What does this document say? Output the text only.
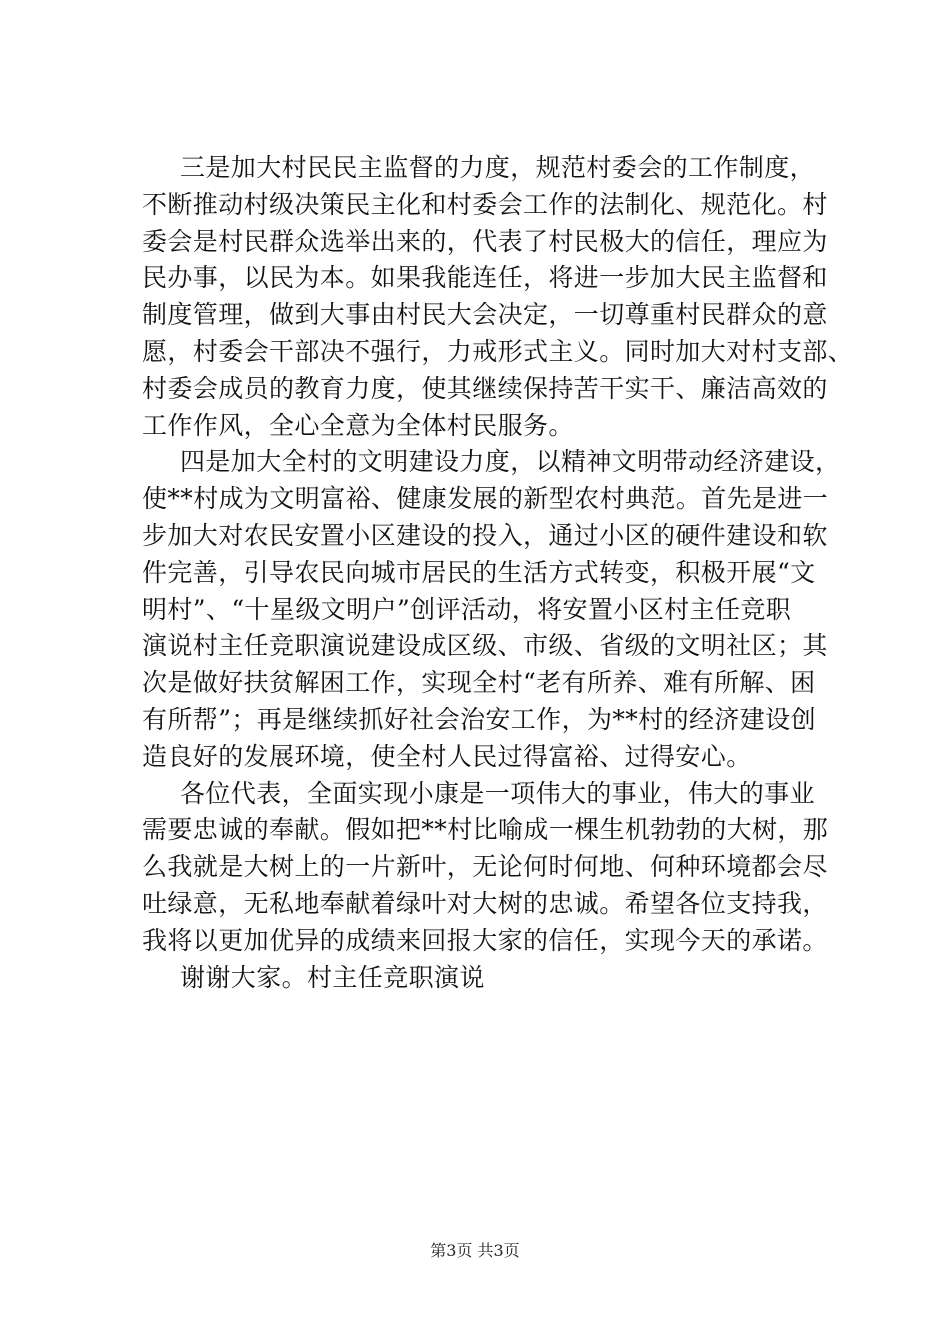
三是加大村民民主监督的力度，规范村委会的工作制度，
不断推动村级决策民主化和村委会工作的法制化、规范化。村
委会是村民群众选举出来的，代表了村民极大的信任，理应为
民办事，以民为本。如果我能连任，将进一步加大民主监督和
制度管理，做到大事由村民大会决定，一切尊重村民群众的意
愿，村委会干部决不强行，力戒形式主义。同时加大对村支部、
村委会成员的教育力度，使其继续保持苦干实干、廉洁高效的
工作作风，全心全意为全体村民服务。
四是加大全村的文明建设力度，以精神文明带动经济建设，
使**村成为文明富裕、健康发展的新型农村典范。首先是进一
步加大对农民安置小区建设的投入，通过小区的硬件建设和软
件完善，引导农民向城市居民的生活方式转变，积极开展“文
明村”、“十星级文明户”创评活动，将安置小区村主任竞职
演说村主任竞职演说建设成区级、市级、省级的文明社区；其
次是做好扶贫解困工作，实现全村“老有所养、难有所解、困
有所帮”；再是继续抓好社会治安工作，为**村的经济建设创
造良好的发展环境，使全村人民过得富裕、过得安心。
各位代表，全面实现小康是一项伟大的事业，伟大的事业
需要忠诚的奉献。假如把**村比喻成一棵生机勃勃的大树，那
么我就是大树上的一片新叶，无论何时何地、何种环境都会尽
吐绿意，无私地奉献着绿叶对大树的忠诚。希望各位支持我，
我将以更加优异的成绩来回报大家的信任，实现今天的承诺。
谢谢大家。村主任竞职演说
第3页 共3页
